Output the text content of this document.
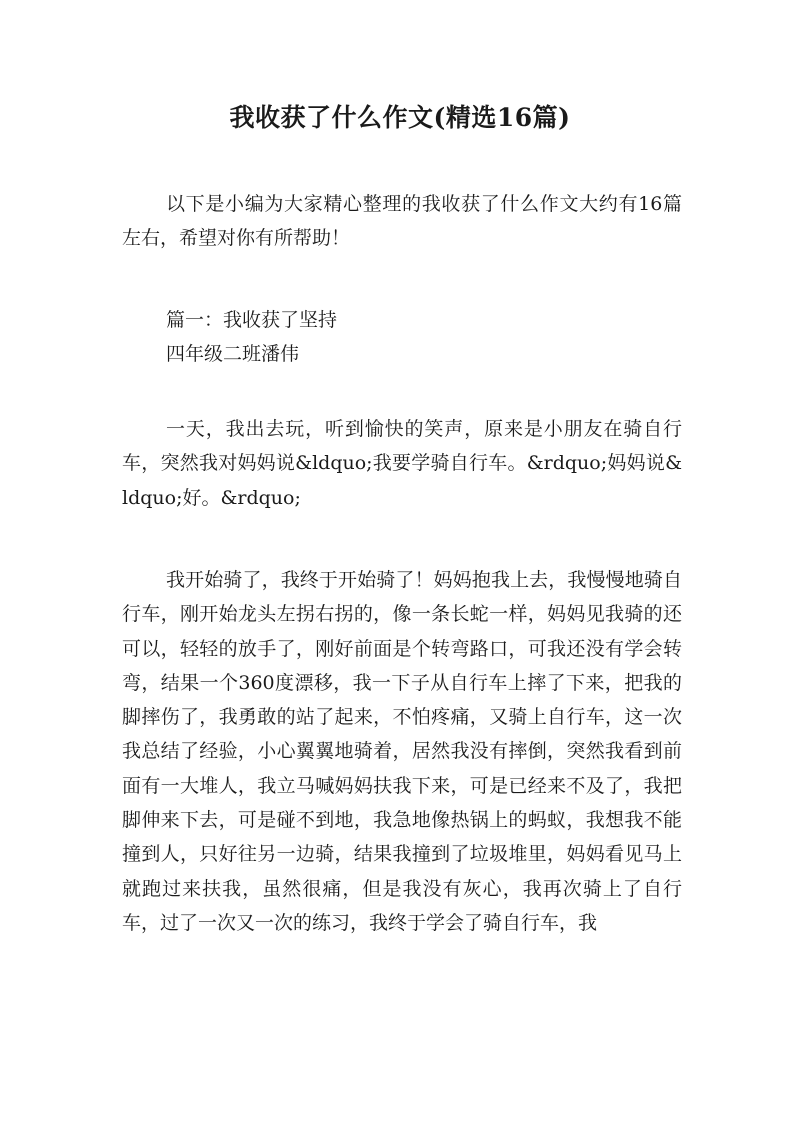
我收获了什么作文(精选16篇)

以下是小编为大家精心整理的我收获了什么作文大约有16篇左右，希望对你有所帮助！

篇一：我收获了坚持

四年级二班潘伟

一天，我出去玩，听到愉快的笑声，原来是小朋友在骑自行车，突然我对妈妈说&ldquo;我要学骑自行车。&rdquo;妈妈说&ldquo;好。&rdquo;

我开始骑了，我终于开始骑了！妈妈抱我上去，我慢慢地骑自行车，刚开始龙头左拐右拐的，像一条长蛇一样，妈妈见我骑的还可以，轻轻的放手了，刚好前面是个转弯路口，可我还没有学会转弯，结果一个360度漂移，我一下子从自行车上摔了下来，把我的脚摔伤了，我勇敢的站了起来，不怕疼痛，又骑上自行车，这一次我总结了经验，小心翼翼地骑着，居然我没有摔倒，突然我看到前面有一大堆人，我立马喊妈妈扶我下来，可是已经来不及了，我把脚伸来下去，可是碰不到地，我急地像热锅上的蚂蚁，我想我不能撞到人，只好往另一边骑，结果我撞到了垃圾堆里，妈妈看见马上就跑过来扶我，虽然很痛，但是我没有灰心，我再次骑上了自行车，过了一次又一次的练习，我终于学会了骑自行车，我
